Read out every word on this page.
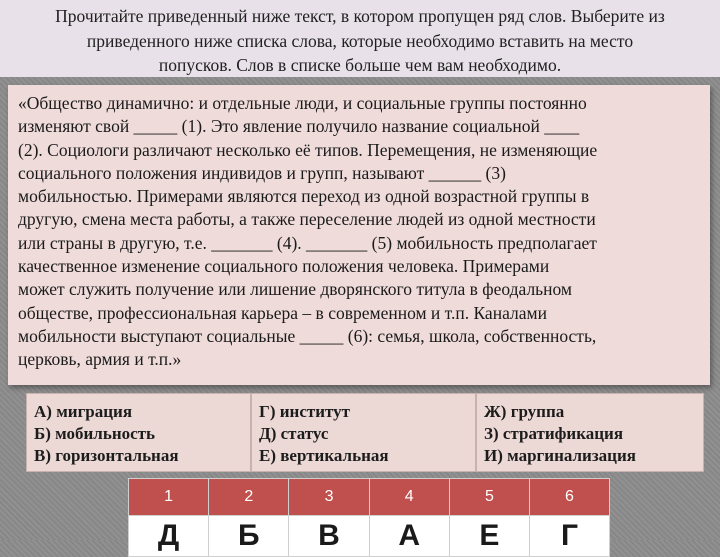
Прочитайте приведенный ниже текст, в котором пропущен ряд слов. Выберите из
приведенного ниже списка слова, которые необходимо вставить на место
попусков. Слов в списке больше чем вам необходимо.
«Общество динамично: и отдельные люди, и социальные группы постоянно
изменяют свой _____ (1). Это явление получило название социальной ____
(2). Социологи различают несколько её типов. Перемещения, не изменяющие
социального положения индивидов и групп, называют ______ (3)
мобильностью. Примерами являются переход из одной возрастной группы в
другую, смена места работы, а также переселение людей из одной местности
или страны в другую, т.е. _______ (4). _______ (5) мобильность предполагает
качественное изменение социального положения человека. Примерами
может служить получение или лишение дворянского титула в феодальном
обществе, профессиональная карьера – в современном и т.п. Каналами
мобильности выступают социальные _____ (6): семья, школа, собственность,
церковь, армия и т.п.»
А) миграция
Б) мобильность
В) горизонтальная
Г) институт
Д) статус
Е) вертикальная
Ж) группа
З) стратификация
И) маргинализация
1	2	3	4	5	6
Д	Б	В	А	Е	Г
